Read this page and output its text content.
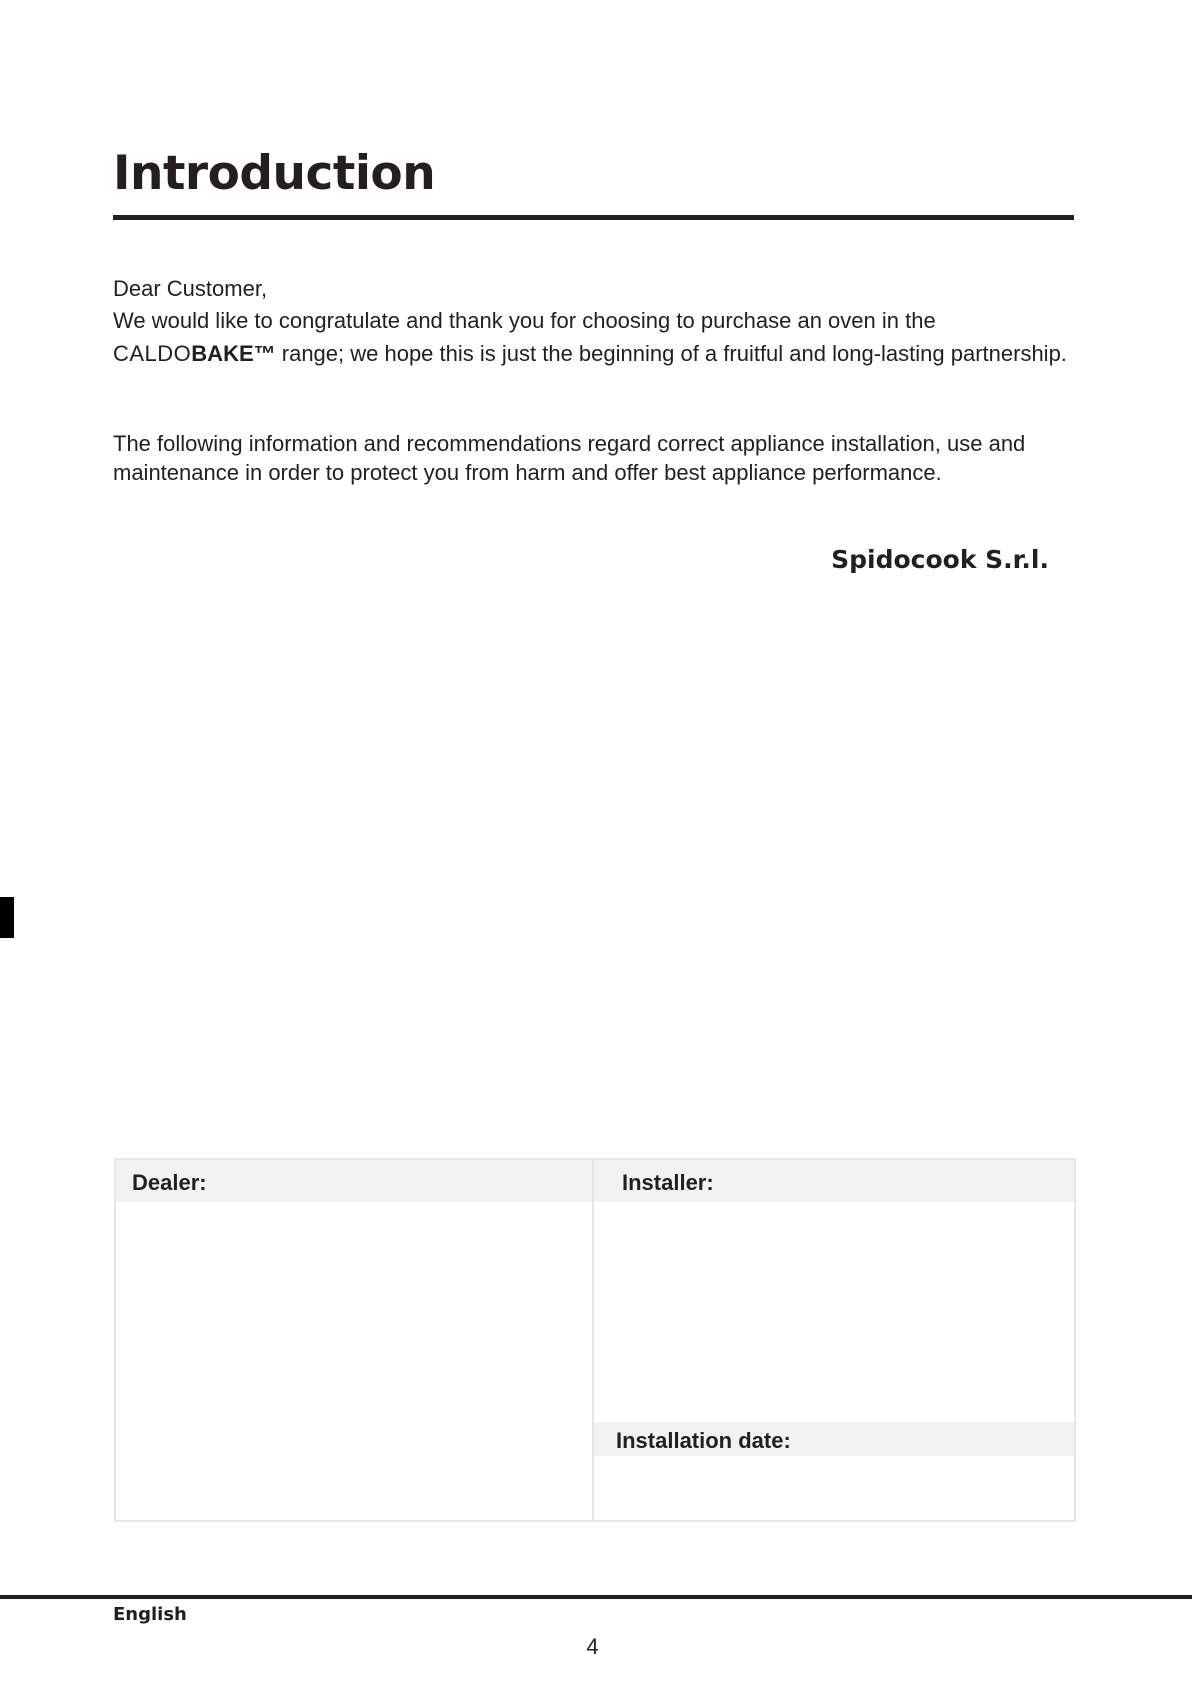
Introduction

Dear Customer,

We would like to congratulate and thank you for choosing to purchase an oven in the CALDOBAKE™ range; we hope this is just the beginning of a fruitful and long-lasting partnership.

The following information and recommendations regard correct appliance installation, use and maintenance in order to protect you from harm and offer best appliance performance.

Spidocook S.r.l.
Dealer:	Installer:
Installation date:
English
4
